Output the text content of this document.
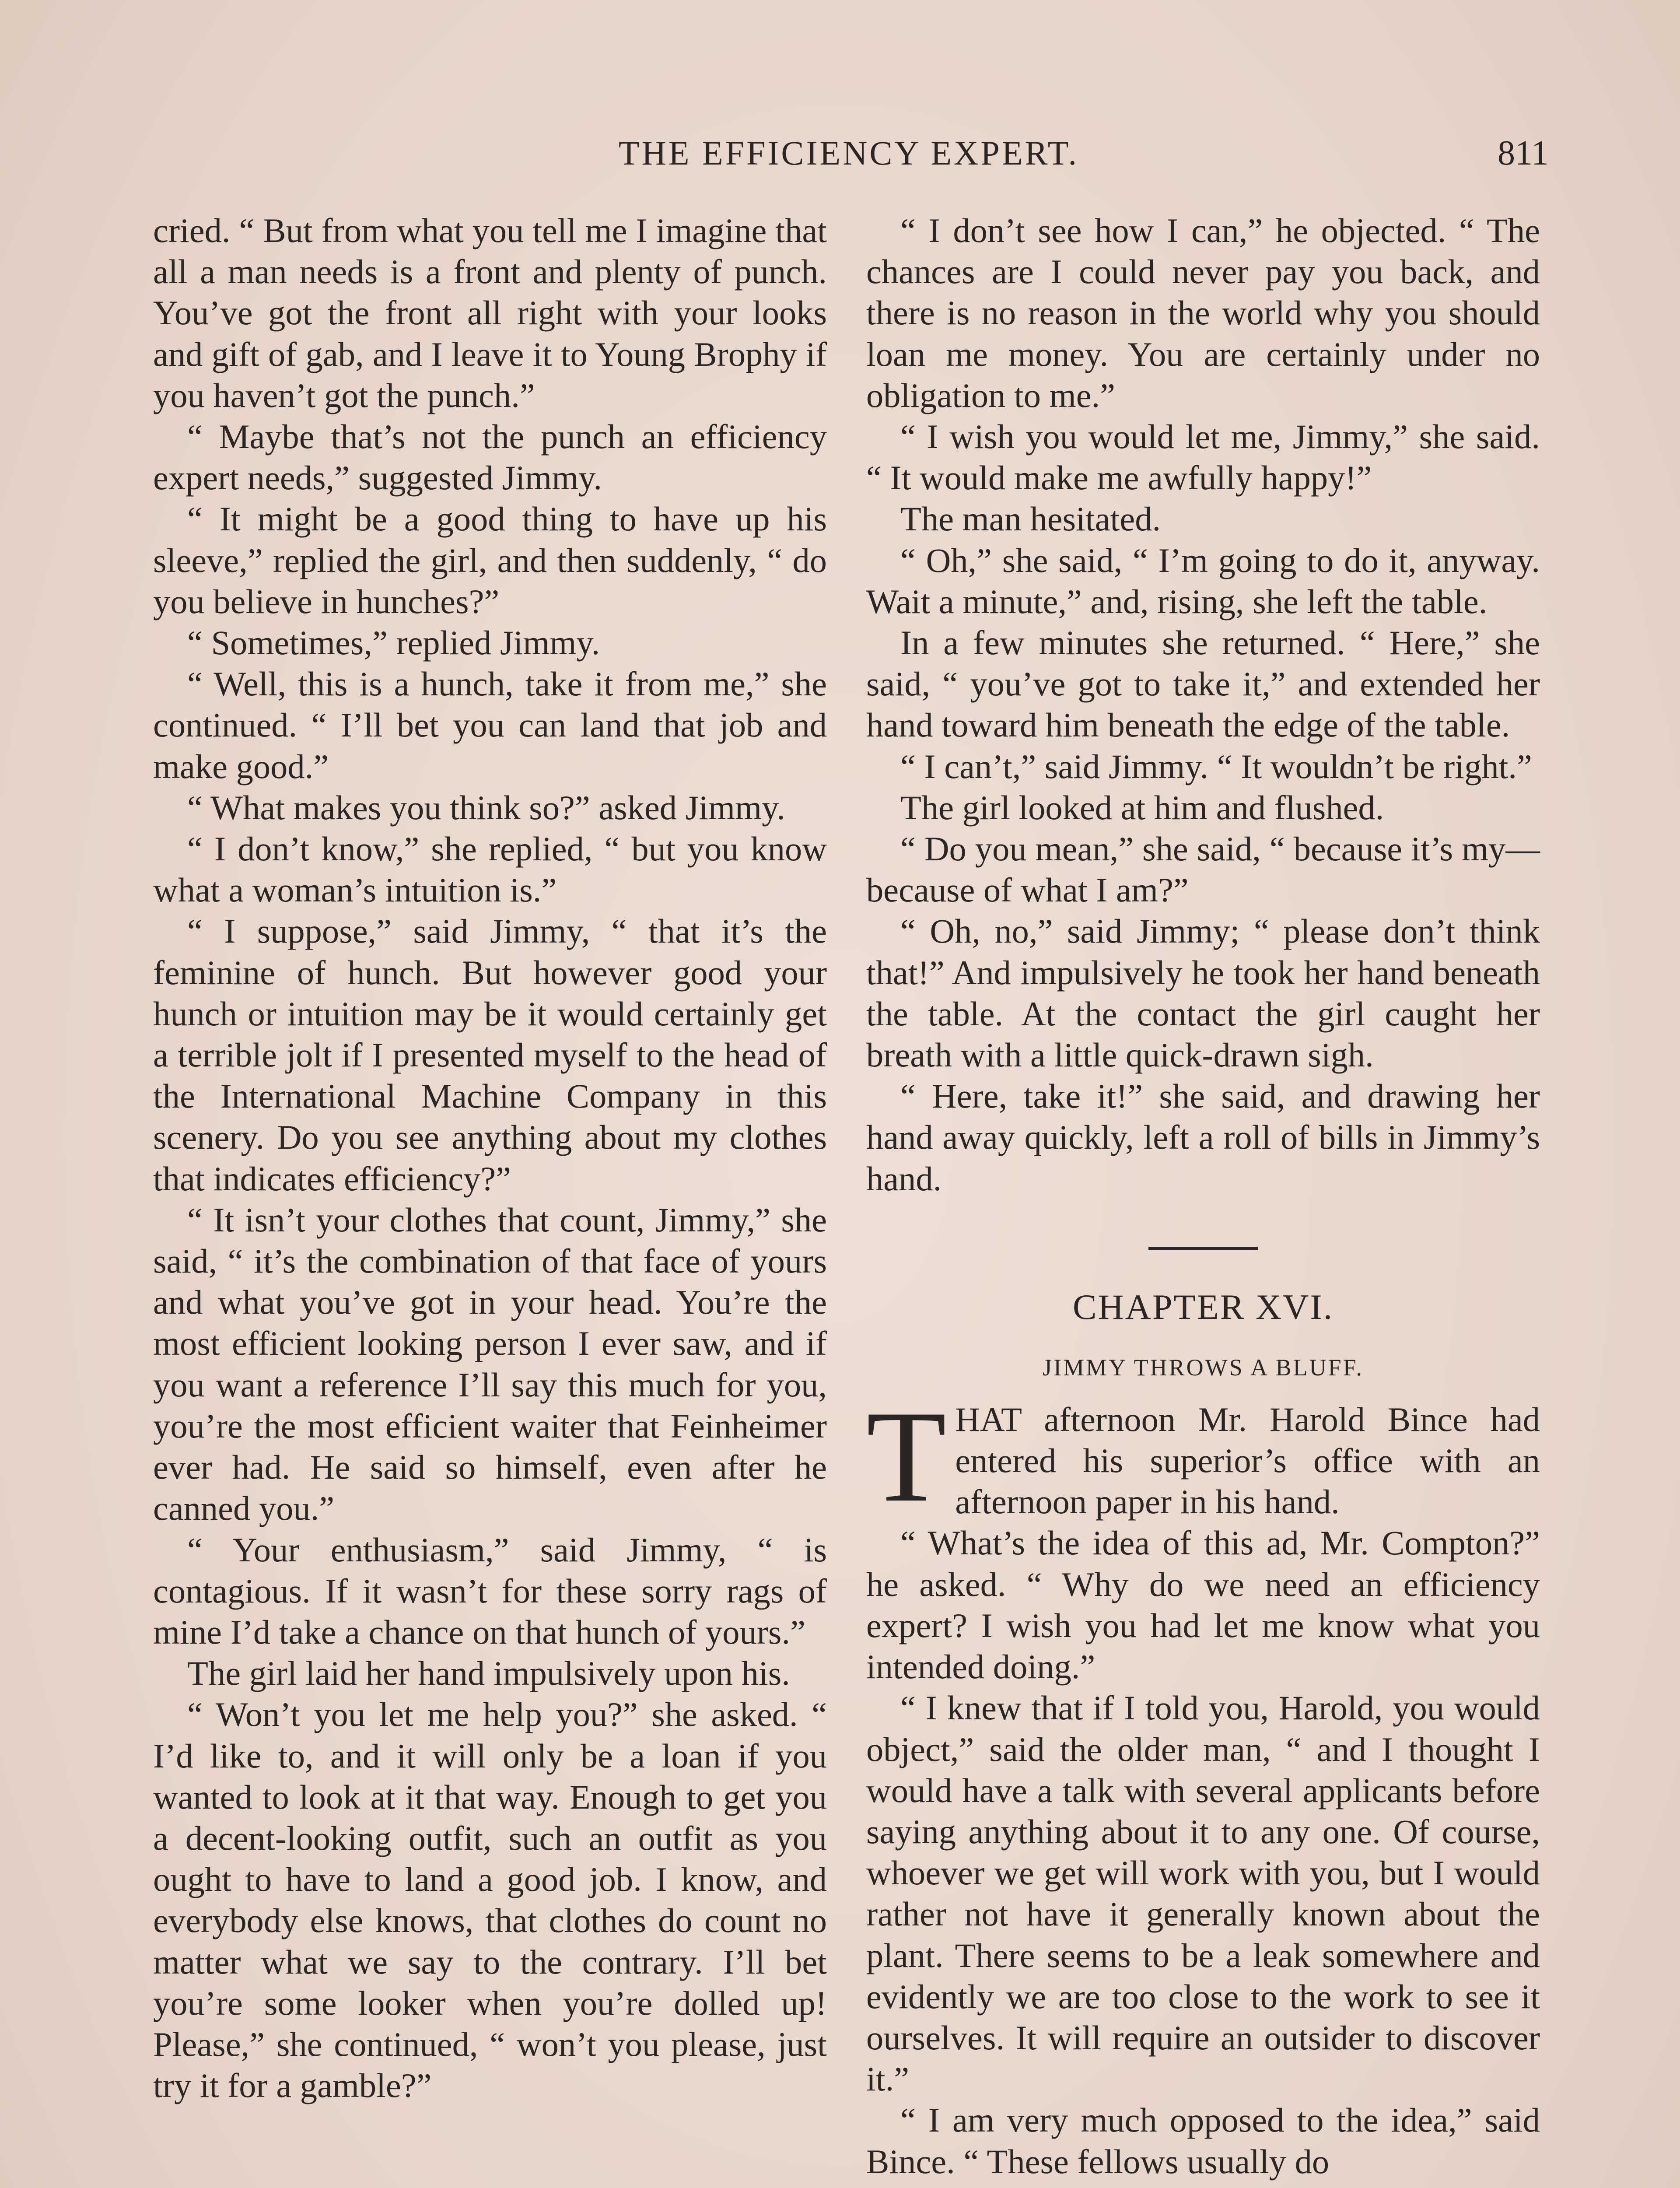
THE EFFICIENCY EXPERT.	811

cried. “ But from what you tell me I imagine that all a man needs is a front and plenty of punch. You’ve got the front all right with your looks and gift of gab, and I leave it to Young Brophy if you haven’t got the punch.”

“ Maybe that’s not the punch an efficiency expert needs,” suggested Jimmy.

“ It might be a good thing to have up his sleeve,” replied the girl, and then suddenly, “ do you believe in hunches?”

“ Sometimes,” replied Jimmy.

“ Well, this is a hunch, take it from me,” she continued. “ I’ll bet you can land that job and make good.”

“ What makes you think so?” asked Jimmy.

“ I don’t know,” she replied, “ but you know what a woman’s intuition is.”

“ I suppose,” said Jimmy, “ that it’s the feminine of hunch. But however good your hunch or intuition may be it would certainly get a terrible jolt if I presented myself to the head of the International Machine Company in this scenery. Do you see anything about my clothes that indicates efficiency?”

“ It isn’t your clothes that count, Jimmy,” she said, “ it’s the combination of that face of yours and what you’ve got in your head. You’re the most efficient looking person I ever saw, and if you want a reference I’ll say this much for you, you’re the most efficient waiter that Feinheimer ever had. He said so himself, even after he canned you.”

“ Your enthusiasm,” said Jimmy, “ is contagious. If it wasn’t for these sorry rags of mine I’d take a chance on that hunch of yours.”

The girl laid her hand impulsively upon his.

“ Won’t you let me help you?” she asked. “ I’d like to, and it will only be a loan if you wanted to look at it that way. Enough to get you a decent-looking outfit, such an outfit as you ought to have to land a good job. I know, and everybody else knows, that clothes do count no matter what we say to the contrary. I’ll bet you’re some looker when you’re dolled up! Please,” she continued, “ won’t you please, just try it for a gamble?”

“ I don’t see how I can,” he objected. “ The chances are I could never pay you back, and there is no reason in the world why you should loan me money. You are certainly under no obligation to me.”

“ I wish you would let me, Jimmy,” she said. “ It would make me awfully happy!”

The man hesitated.

“ Oh,” she said, “ I’m going to do it, anyway. Wait a minute,” and, rising, she left the table.

In a few minutes she returned. “ Here,” she said, “ you’ve got to take it,” and extended her hand toward him beneath the edge of the table.

“ I can’t,” said Jimmy. “ It wouldn’t be right.”

The girl looked at him and flushed.

“ Do you mean,” she said, “ because it’s my—because of what I am?”

“ Oh, no,” said Jimmy; “ please don’t think that!” And impulsively he took her hand beneath the table. At the contact the girl caught her breath with a little quick-drawn sigh.

“ Here, take it!” she said, and drawing her hand away quickly, left a roll of bills in Jimmy’s hand.

CHAPTER XVI.
JIMMY THROWS A BLUFF.

THAT afternoon Mr. Harold Bince had entered his superior’s office with an afternoon paper in his hand.

“ What’s the idea of this ad, Mr. Compton?” he asked. “ Why do we need an efficiency expert? I wish you had let me know what you intended doing.”

“ I knew that if I told you, Harold, you would object,” said the older man, “ and I thought I would have a talk with several applicants before saying anything about it to any one. Of course, whoever we get will work with you, but I would rather not have it generally known about the plant. There seems to be a leak somewhere and evidently we are too close to the work to see it ourselves. It will require an outsider to discover it.”

“ I am very much opposed to the idea,” said Bince. “ These fellows usually do
